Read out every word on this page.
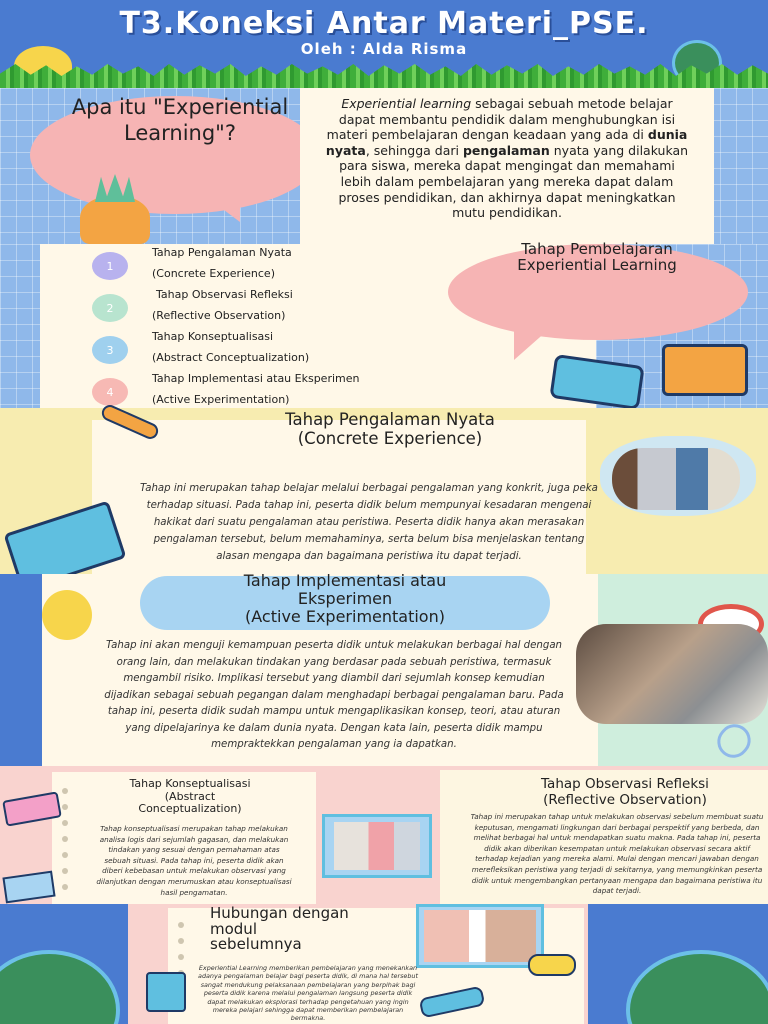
T3.Koneksi Antar Materi_PSE.
Oleh : Alda Risma
Apa itu "Experiential Learning"?
Experiential learning sebagai sebuah metode belajar dapat membantu pendidik dalam menghubungkan isi materi pembelajaran dengan keadaan yang ada di dunia nyata, sehingga dari pengalaman nyata yang dilakukan para siswa, mereka dapat mengingat dan memahami lebih dalam pembelajaran yang mereka dapat dalam proses pendidikan, dan akhirnya dapat meningkatkan mutu pendidikan.
1
Tahap Pengalaman Nyata
(Concrete Experience)
2
Tahap Observasi Refleksi
(Reflective Observation)
3
Tahap Konseptualisasi
(Abstract Conceptualization)
4
Tahap Implementasi atau Eksperimen
(Active Experimentation)
Tahap Pembelajaran Experiential Learning
Tahap Pengalaman Nyata
(Concrete Experience)
Tahap ini merupakan tahap belajar melalui berbagai pengalaman yang konkrit, juga peka terhadap situasi. Pada tahap ini, peserta didik belum mempunyai kesadaran mengenai hakikat dari suatu pengalaman atau peristiwa. Peserta didik hanya akan merasakan pengalaman tersebut, belum memahaminya, serta belum bisa menjelaskan tentang alasan mengapa dan bagaimana peristiwa itu dapat terjadi.
Tahap Implementasi atau
Eksperimen
(Active Experimentation)
Tahap ini akan menguji kemampuan peserta didik untuk melakukan berbagai hal dengan orang lain, dan melakukan tindakan yang berdasar pada sebuah peristiwa, termasuk mengambil risiko. Implikasi tersebut yang diambil dari sejumlah konsep kemudian dijadikan sebagai sebuah pegangan dalam menghadapi berbagai pengalaman baru. Pada tahap ini, peserta didik sudah mampu untuk mengaplikasikan konsep, teori, atau aturan yang dipelajarinya ke dalam dunia nyata. Dengan kata lain, peserta didik mampu mempraktekkan pengalaman yang ia dapatkan.
Tahap Konseptualisasi
(Abstract
Conceptualization)
Tahap konseptualisasi merupakan tahap melakukan analisa logis dari sejumlah gagasan, dan melakukan tindakan yang sesuai dengan pemahaman atas sebuah situasi. Pada tahap ini, peserta didik akan diberi kebebasan untuk melakukan observasi yang dilanjutkan dengan merumuskan atau konseptualisasi hasil pengamatan.
Tahap Observasi Refleksi
(Reflective Observation)
Tahap ini merupakan tahap untuk melakukan observasi sebelum membuat suatu keputusan, mengamati lingkungan dari berbagai perspektif yang berbeda, dan melihat berbagai hal untuk mendapatkan suatu makna. Pada tahap ini, peserta didik akan diberikan kesempatan untuk melakukan observasi secara aktif terhadap kejadian yang mereka alami. Mulai dengan mencari jawaban dengan merefleksikan peristiwa yang terjadi di sekitarnya, yang memungkinkan peserta didik untuk mengembangkan pertanyaan mengapa dan bagaimana peristiwa itu dapat terjadi.
Hubungan dengan
modul
sebelumnya
Experiential Learning memberikan pembelajaran yang menekankan adanya pengalaman belajar bagi peserta didik, di mana hal tersebut sangat mendukung pelaksanaan pembelajaran yang berpihak bagi peserta didik karena melalui pengalaman langsung peserta didik dapat melakukan eksplorasi terhadap pengetahuan yang ingin mereka pelajari sehingga dapat memberikan pembelajaran bermakna.
